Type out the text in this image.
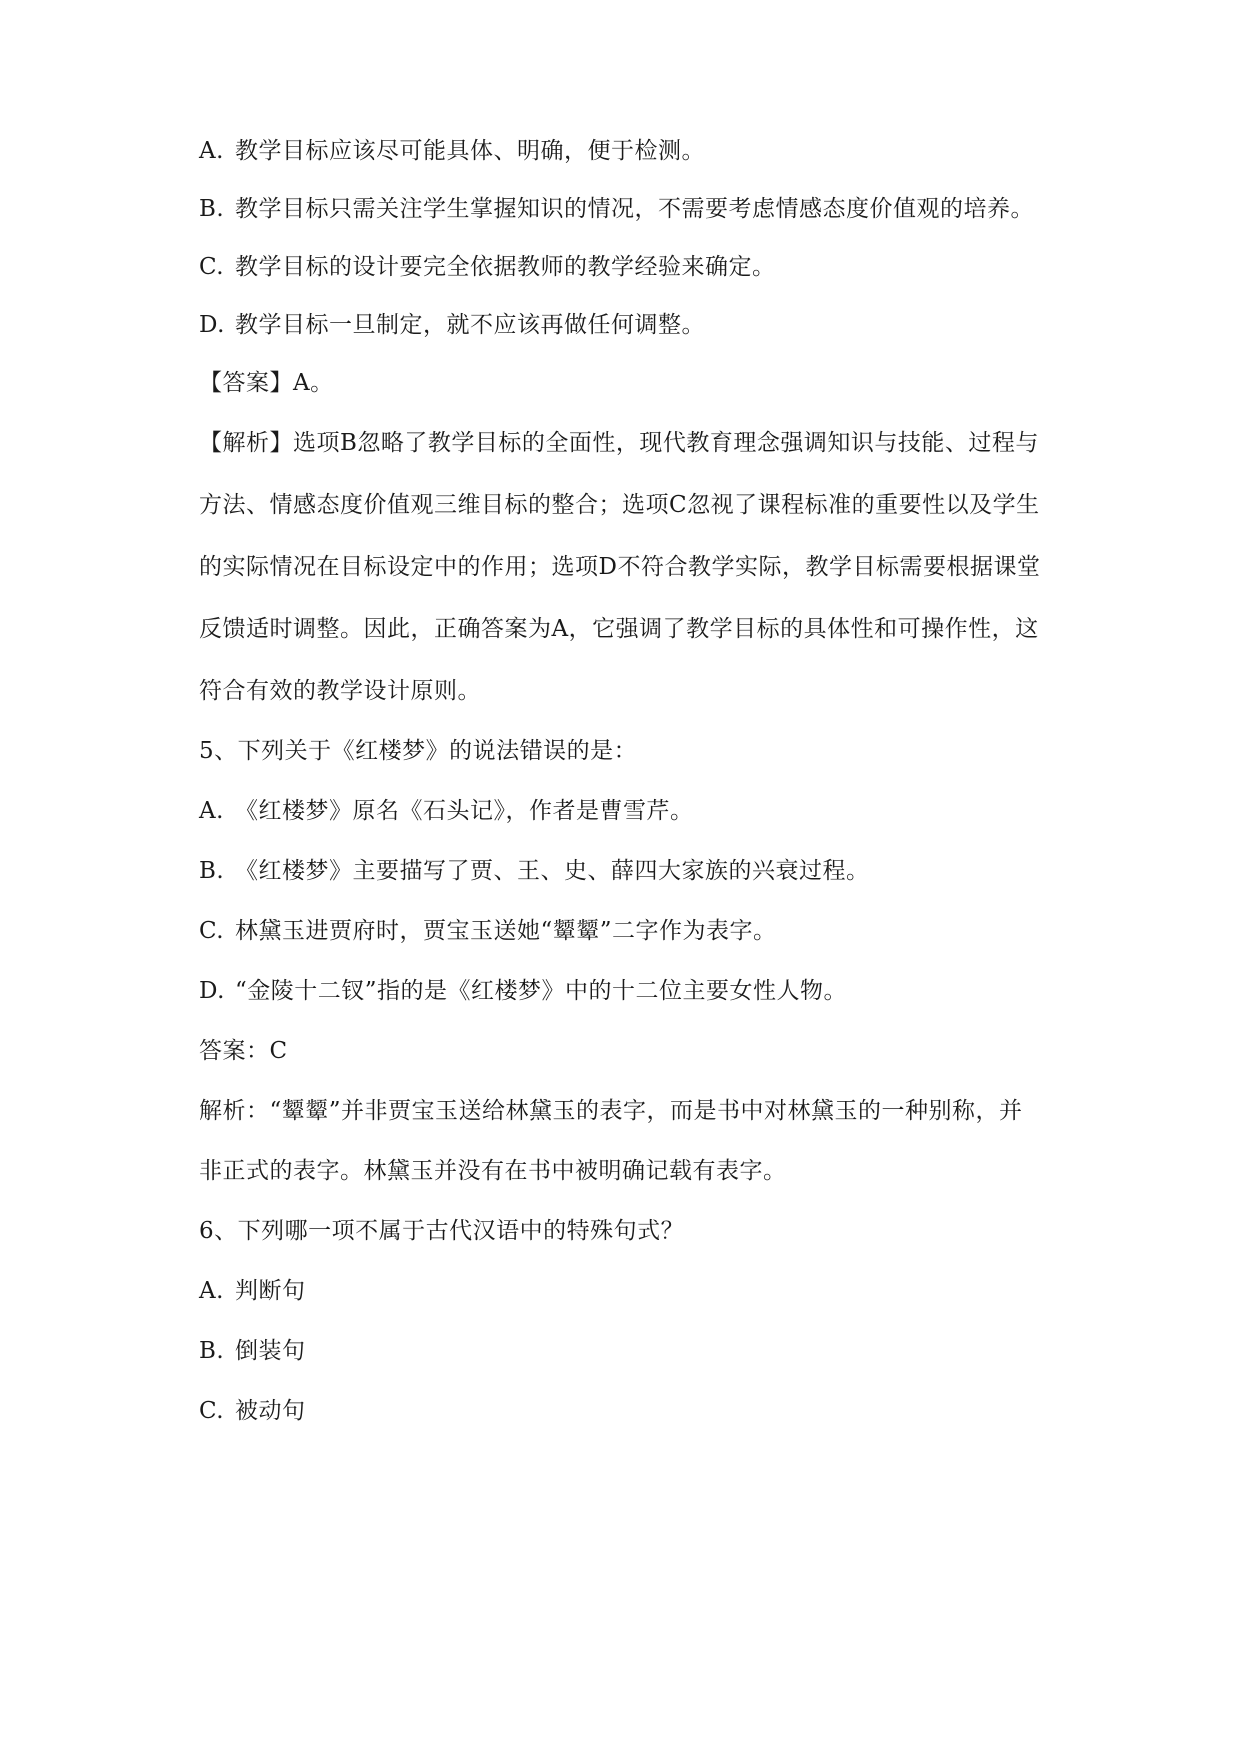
A. 教学目标应该尽可能具体、明确，便于检测。
B. 教学目标只需关注学生掌握知识的情况，不需要考虑情感态度价值观的培养。
C. 教学目标的设计要完全依据教师的教学经验来确定。
D. 教学目标一旦制定，就不应该再做任何调整。
【答案】A。
【解析】选项B忽略了教学目标的全面性，现代教育理念强调知识与技能、过程与
方法、情感态度价值观三维目标的整合；选项C忽视了课程标准的重要性以及学生
的实际情况在目标设定中的作用；选项D不符合教学实际，教学目标需要根据课堂
反馈适时调整。因此，正确答案为A，它强调了教学目标的具体性和可操作性，这
符合有效的教学设计原则。
5、下列关于《红楼梦》的说法错误的是：
A. 《红楼梦》原名《石头记》，作者是曹雪芹。
B. 《红楼梦》主要描写了贾、王、史、薛四大家族的兴衰过程。
C. 林黛玉进贾府时，贾宝玉送她“颦颦”二字作为表字。
D. “金陵十二钗”指的是《红楼梦》中的十二位主要女性人物。
答案：C
解析：“颦颦”并非贾宝玉送给林黛玉的表字，而是书中对林黛玉的一种别称，并
非正式的表字。林黛玉并没有在书中被明确记载有表字。
6、下列哪一项不属于古代汉语中的特殊句式？
A. 判断句
B. 倒装句
C. 被动句
